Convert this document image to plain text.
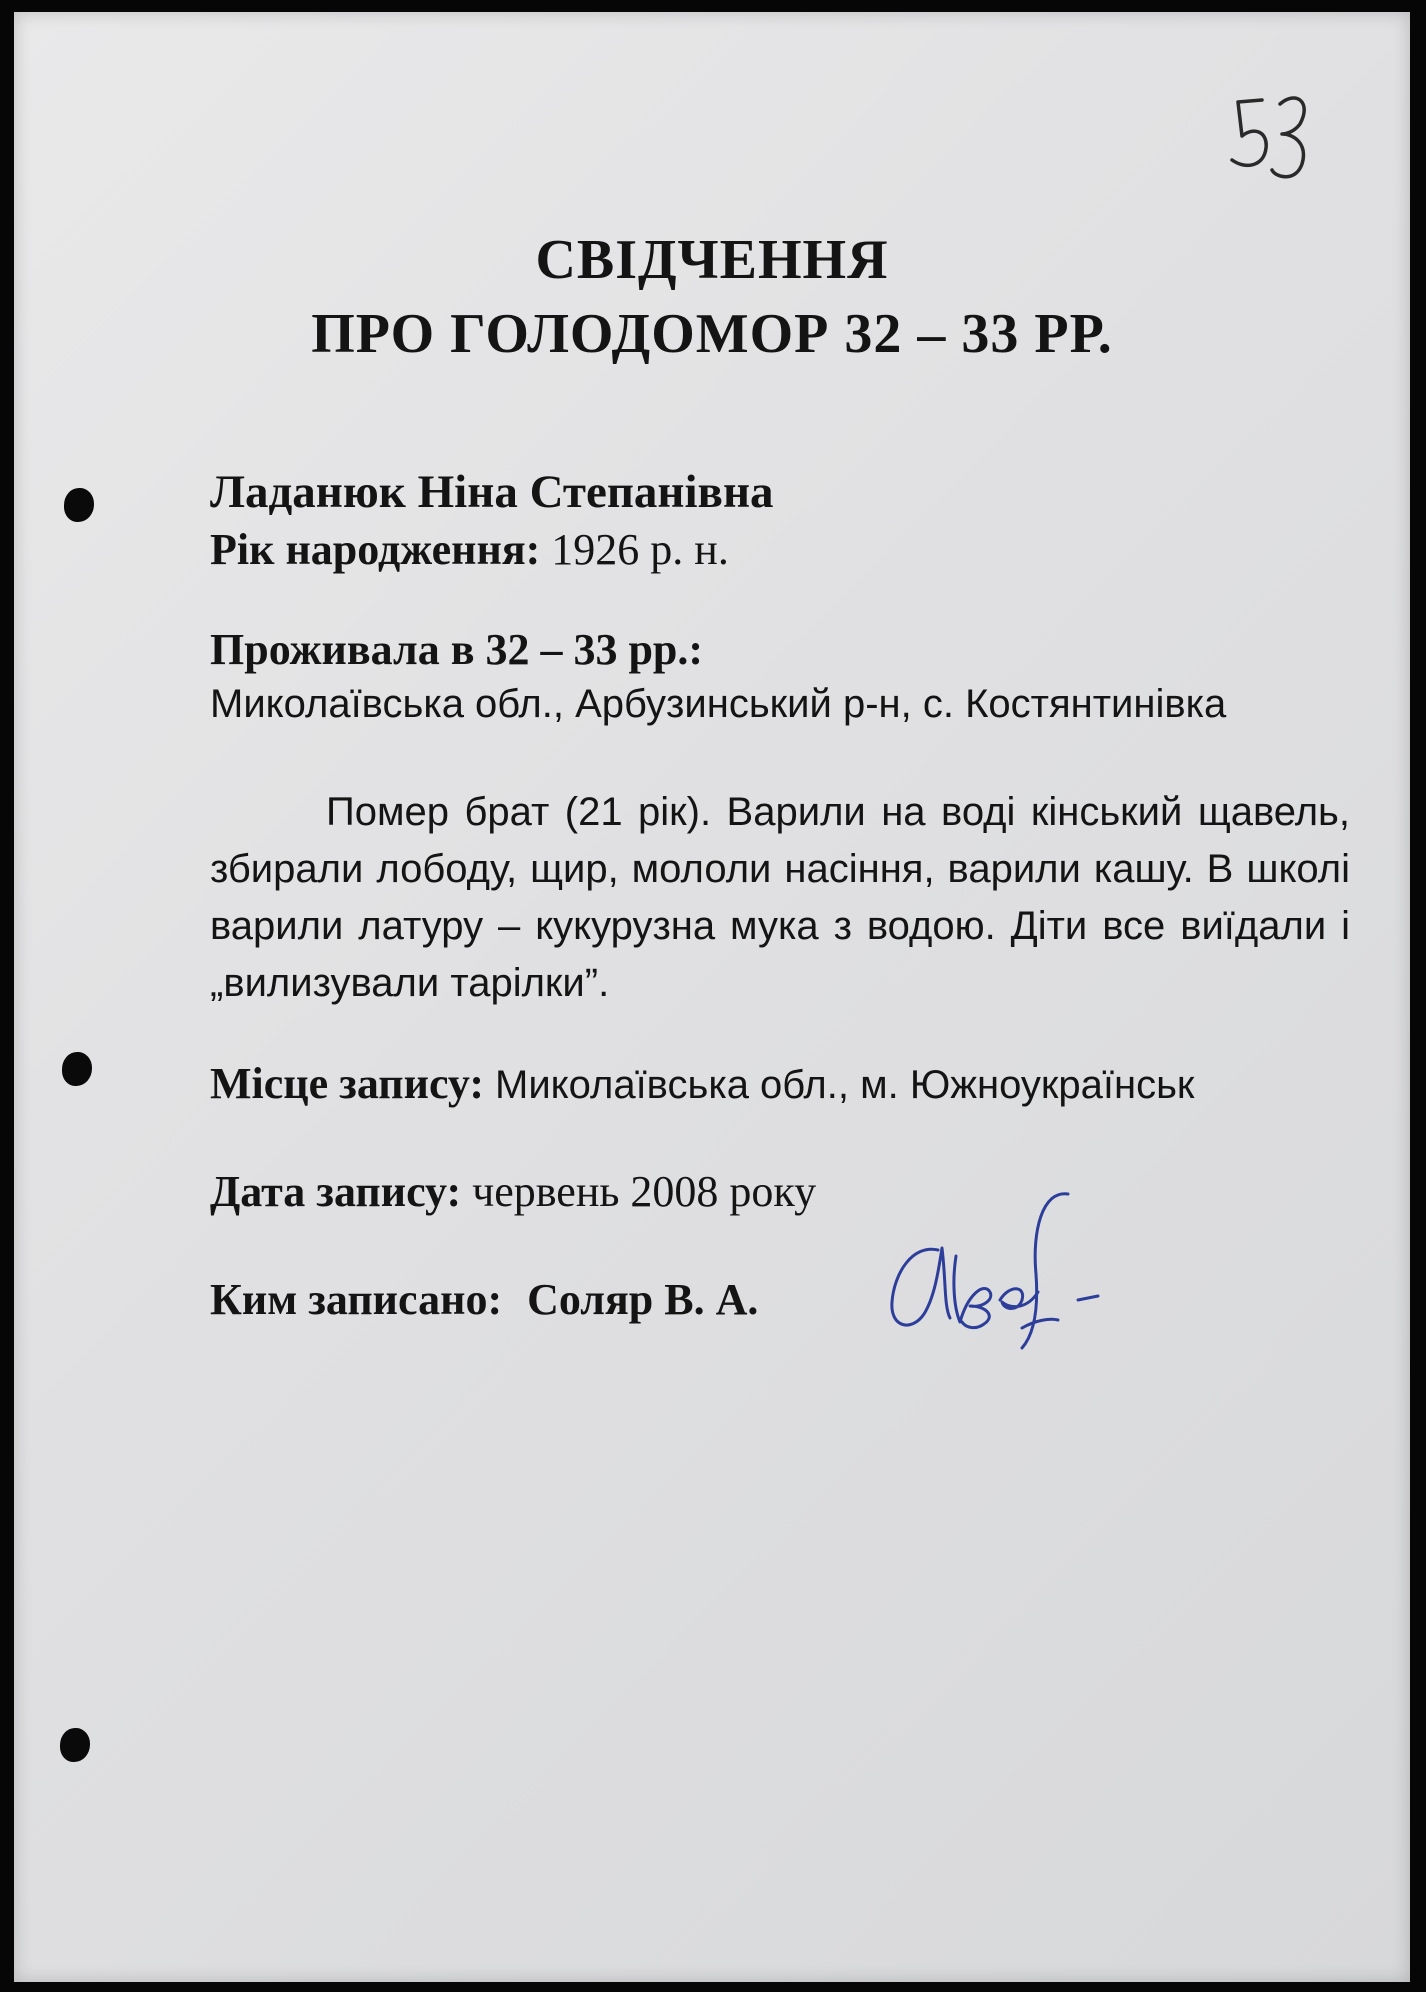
СВІДЧЕННЯ
ПРО ГОЛОДОМОР 32 – 33 РР.
Ладанюк Ніна Степанівна
Рік народження: 1926 р. н.
Проживала в 32 – 33 рр.:
Миколаївська обл., Арбузинський р-н, с. Костянтинівка
Помер брат (21 рік). Варили на воді кінський щавель, збирали лободу, щир, мололи насіння, варили кашу. В школі варили латуру – кукурузна мука з водою. Діти все виїдали і „вилизували тарілки”.
Місце запису: Миколаївська обл., м. Южноукраїнськ
Дата запису: червень 2008 року
Ким записано: Соляр В. А.
